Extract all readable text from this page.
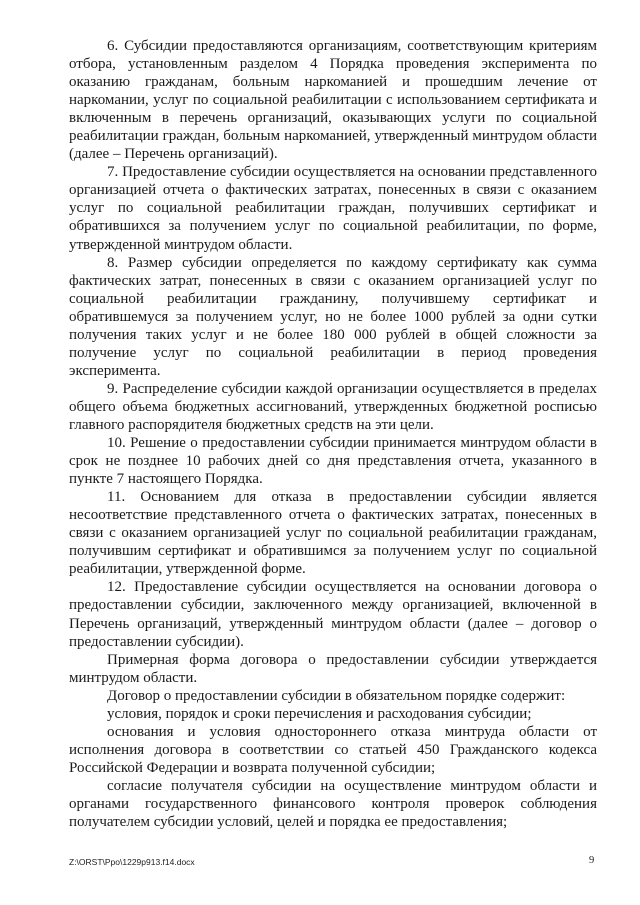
6. Субсидии предоставляются организациям, соответствующим критериям отбора, установленным разделом 4 Порядка проведения эксперимента по оказанию гражданам, больным наркоманией и прошедшим лечение от наркомании, услуг по социальной реабилитации с использованием сертификата и включенным в перечень организаций, оказывающих услуги по социальной реабилитации граждан, больным наркоманией, утвержденный минтрудом области (далее – Перечень организаций).

7. Предоставление субсидии осуществляется на основании представленного организацией отчета о фактических затратах, понесенных в связи с оказанием услуг по социальной реабилитации граждан, получивших сертификат и обратившихся за получением услуг по социальной реабилитации, по форме, утвержденной минтрудом области.

8. Размер субсидии определяется по каждому сертификату как сумма фактических затрат, понесенных в связи с оказанием организацией услуг по социальной реабилитации гражданину, получившему сертификат и обратившемуся за получением услуг, но не более 1000 рублей за одни сутки получения таких услуг и не более 180 000 рублей в общей сложности за получение услуг по социальной реабилитации в период проведения эксперимента.

9. Распределение субсидии каждой организации осуществляется в пределах общего объема бюджетных ассигнований, утвержденных бюджетной росписью главного распорядителя бюджетных средств на эти цели.

10. Решение о предоставлении субсидии принимается минтрудом области в срок не позднее 10 рабочих дней со дня представления отчета, указанного в пункте 7 настоящего Порядка.

11. Основанием для отказа в предоставлении субсидии является несоответствие представленного отчета о фактических затратах, понесенных в связи с оказанием организацией услуг по социальной реабилитации гражданам, получившим сертификат и обратившимся за получением услуг по социальной реабилитации, утвержденной форме.

12. Предоставление субсидии осуществляется на основании договора о предоставлении субсидии, заключенного между организацией, включенной в Перечень организаций, утвержденный минтрудом области (далее – договор о предоставлении субсидии).

Примерная форма договора о предоставлении субсидии утверждается минтрудом области.

Договор о предоставлении субсидии в обязательном порядке содержит:

условия, порядок и сроки перечисления и расходования субсидии;

основания и условия одностороннего отказа минтруда области от исполнения договора в соответствии со статьей 450 Гражданского кодекса Российской Федерации и возврата полученной субсидии;

согласие получателя субсидии на осуществление минтрудом области и органами государственного финансового контроля проверок соблюдения получателем субсидии условий, целей и порядка ее предоставления;

Z:\ORST\Ppo\1229p913.f14.docx	9
